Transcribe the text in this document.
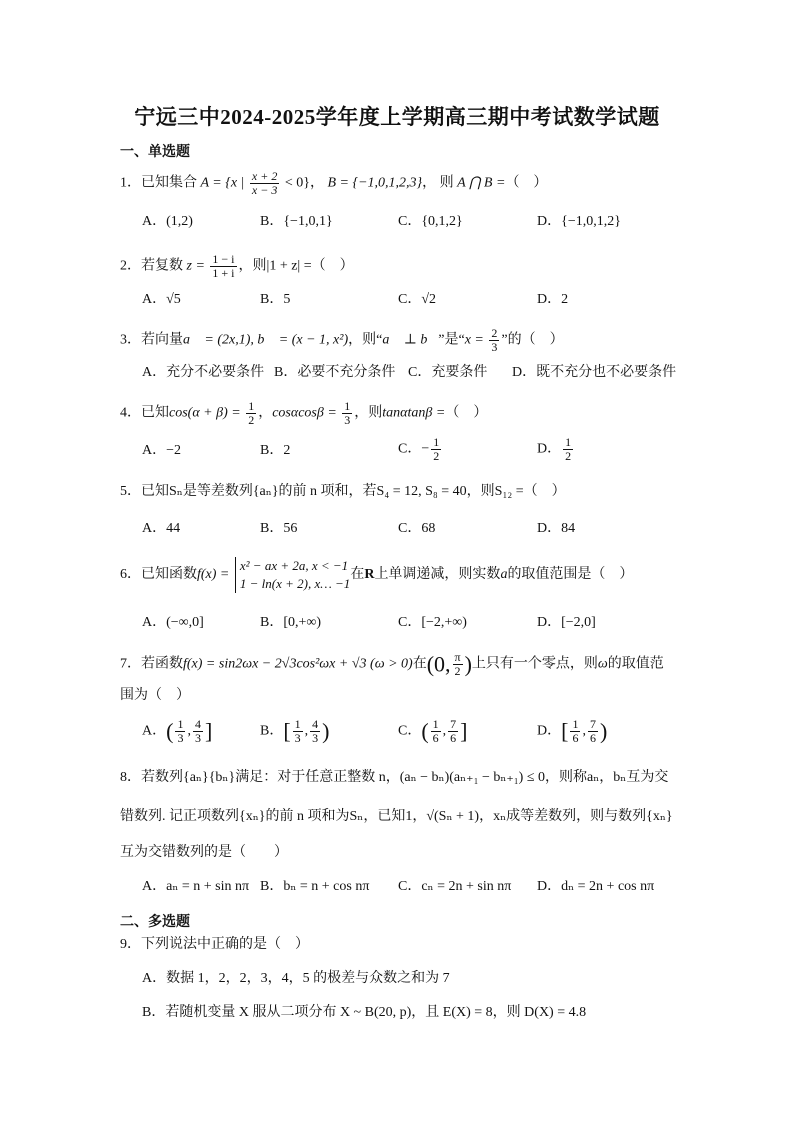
宁远三中2024-2025学年度上学期高三期中考试数学试题
一、单选题
1．已知集合 A = {x | $\frac{x + 2}{x - 3} < 0$}， B = {−1,0,1,2,3}， 则 A ⋂ B =（　）
A．(1,2)	B．{−1,0,1}	C．{0,1,2}	D．{−1,0,1,2}
2．若复数 $z = \frac{1 - i}{1 + i}$ ，则|1 + z| =（　）
A．√5	B．5	C．√2	D．2
3．若向量a⃗ = (2x,1), b⃗ = (x − 1, x²)，则“a⃗ ⊥ b⃗”是“$x = \frac{2}{3}$ ”的（　）
A．充分不必要条件 B．必要不充分条件 C．充要条件 D．既不充分也不必要条件
4．已知$\cos(\alpha + \beta) = \frac{1}{2}$ ，$\cos\alpha\cos\beta = \frac{1}{3}$ ，则tanαtanβ =（　）
A．−2	B．2	C．− $\frac{1}{2}$	D． $\frac{1}{2}$
5．已知Sₙ是等差数列{aₙ}的前 n 项和，若S₄ = 12, S₈ = 40，则S₁₂ =（　）
A．44	B．56	C．68	D．84
6．已知函数f(x) =
x² − ax + 2a, x < −1
1 − ln(x + 2), x… −1
在R上单调递减，则实数a的取值范围是（　）
A．(−∞,0]	B．[0,+∞)	C．[−2,+∞)	D．[−2,0]
7．若函数f(x) = sin2ωx − 2√3cos²ωx + √3 (ω > 0)在(0, $\frac{\pi}{2}$ )上只有一个零点，则ω的取值范
围为（　）
A．( $\frac{1}{3}$ , $\frac{4}{3}$ ]	B．[ $\frac{1}{3}$ , $\frac{4}{3}$ )	C．( $\frac{1}{6}$ , $\frac{7}{6}$ ]	D．[ $\frac{1}{6}$ , $\frac{7}{6}$ )
8．若数列{aₙ}{bₙ}满足：对于任意正整数 n，(aₙ − bₙ)(aₙ₊₁ − bₙ₊₁) ≤ 0，则称aₙ，bₙ互为交
错数列. 记正项数列{xₙ}的前 n 项和为Sₙ，已知1，√(Sₙ + 1)，xₙ成等差数列，则与数列{xₙ}
互为交错数列的是（　　）
A．aₙ = n + sin nπ B．bₙ = n + cos nπ C．cₙ = 2n + sin nπ D．dₙ = 2n + cos nπ
二、多选题
9．下列说法中正确的是（　）
A．数据 1，2，2，3，4，5 的极差与众数之和为 7
B．若随机变量 X 服从二项分布 X ~ B(20, p)，且 E(X) = 8，则 D(X) = 4.8
